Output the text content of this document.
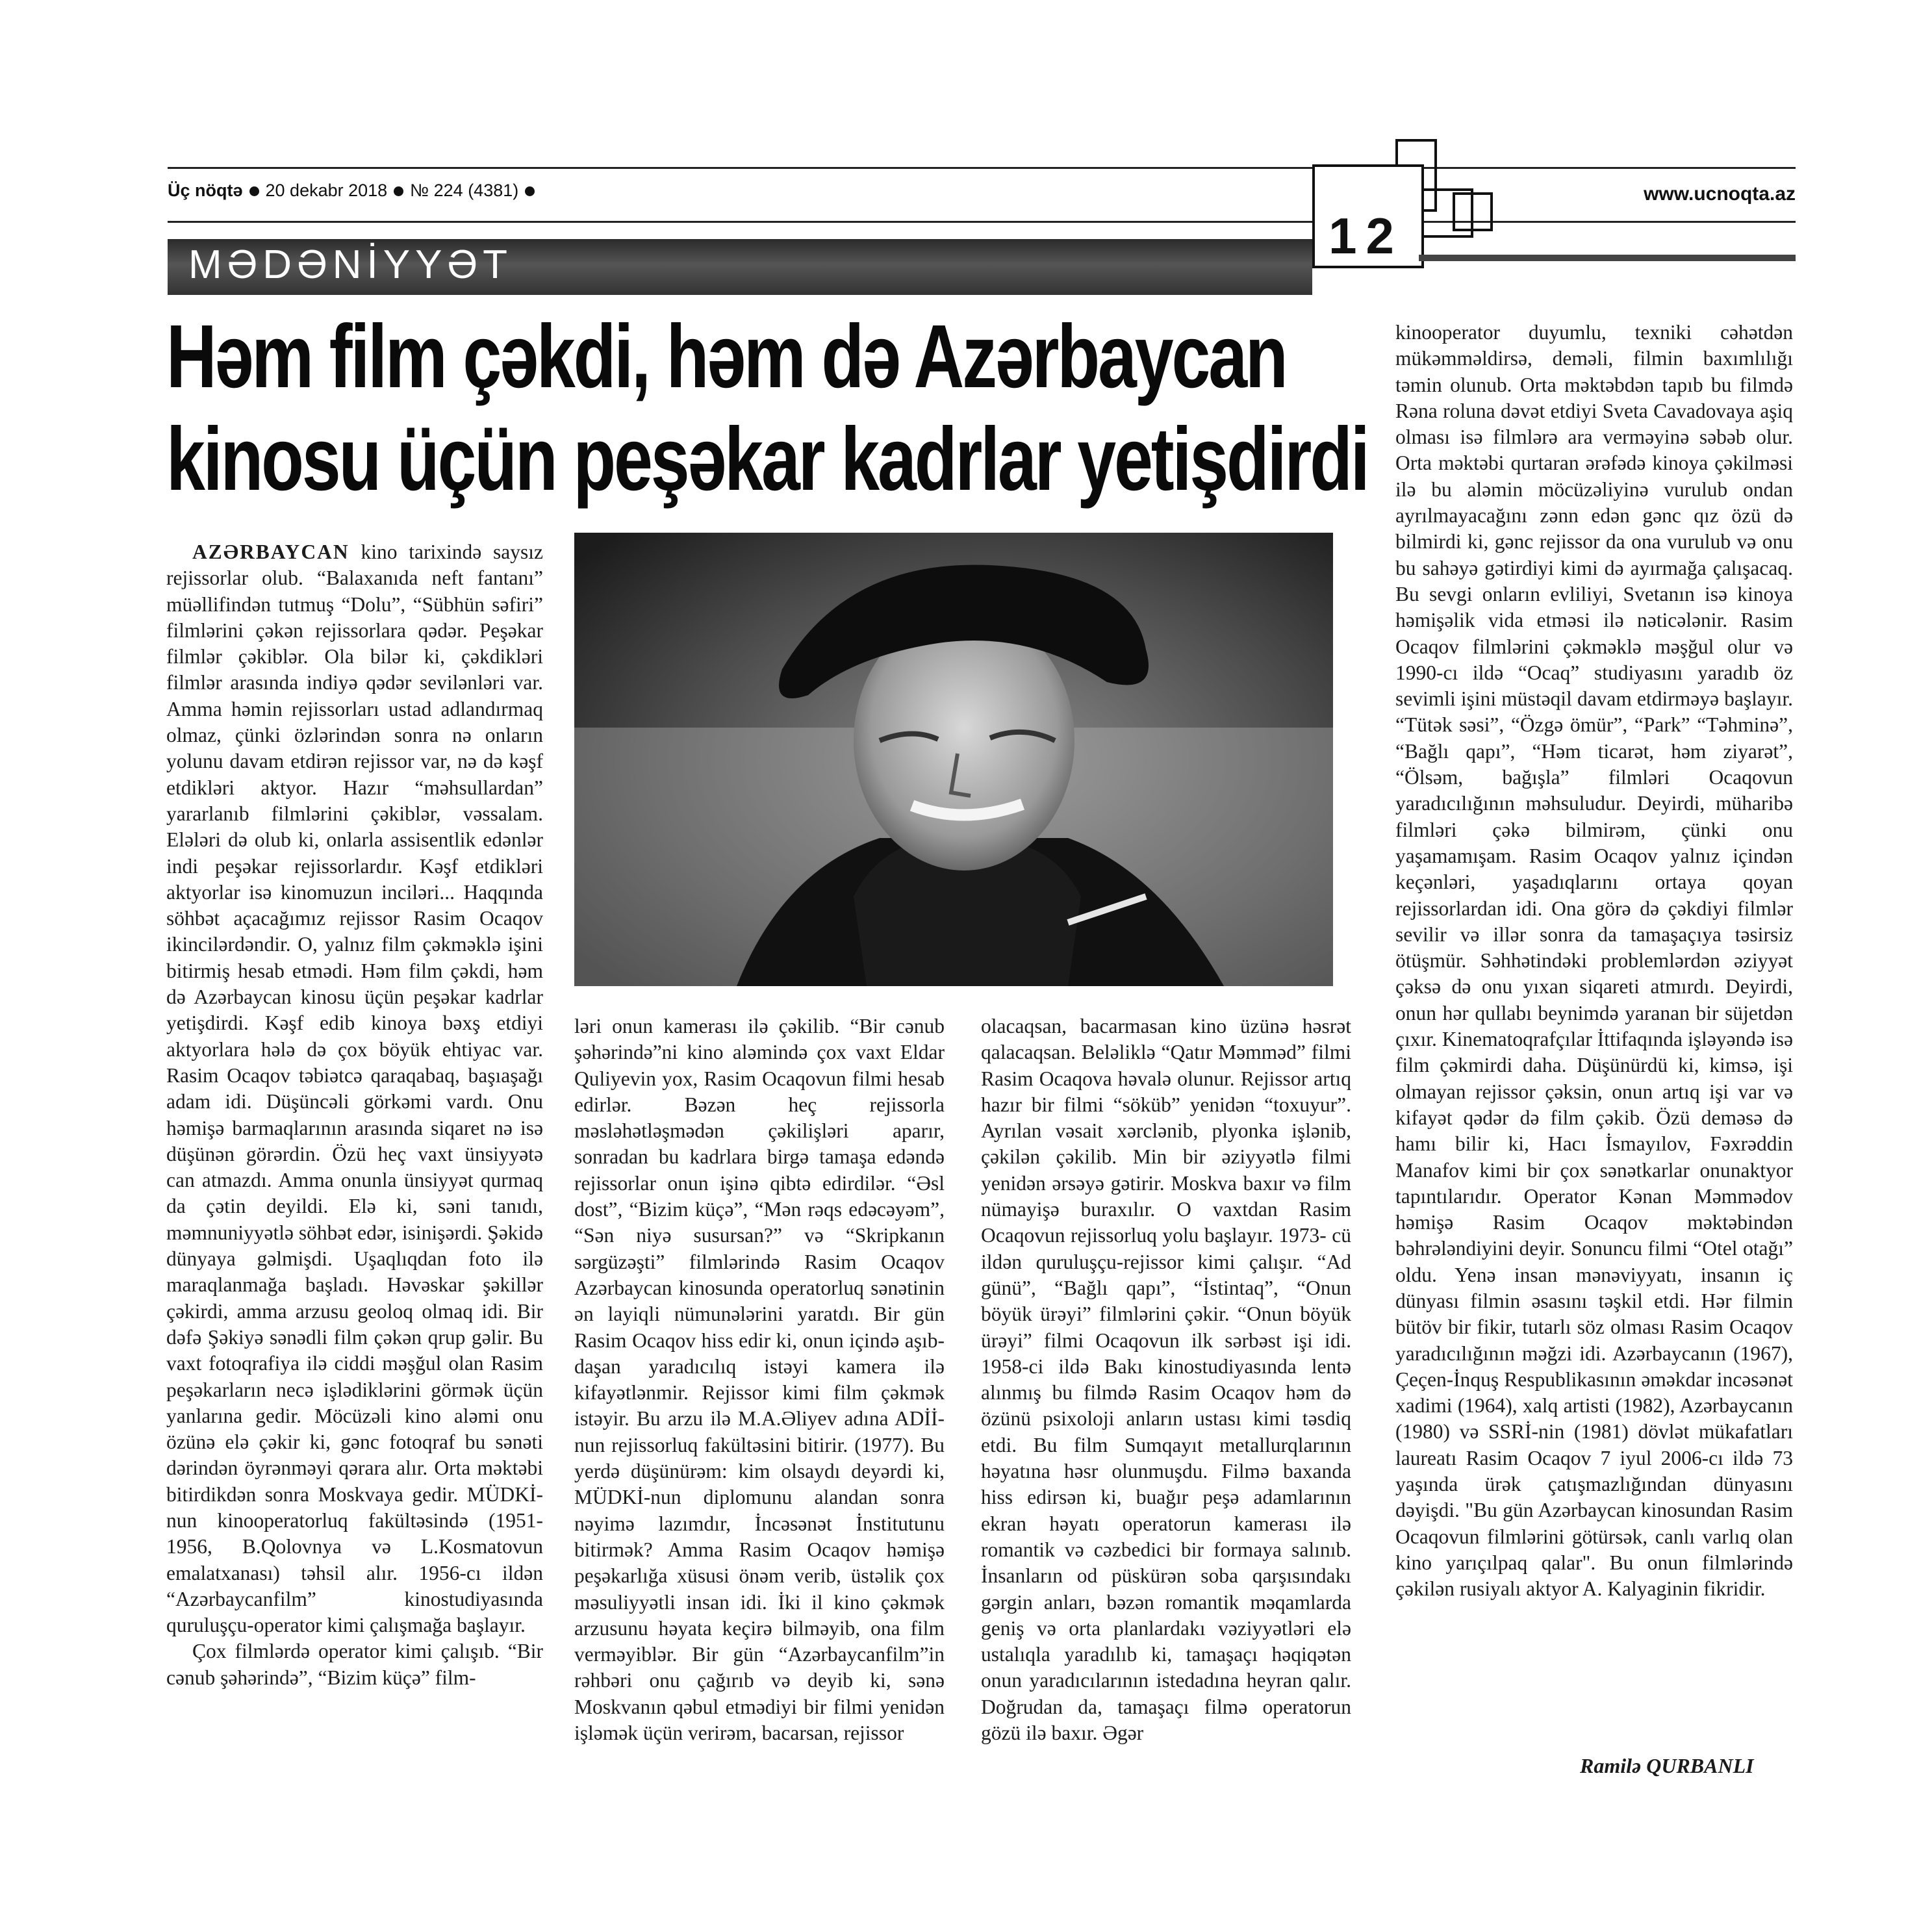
Üç nöqtə 20 dekabr 2018 № 224 (4381)	www.ucnoqta.az
12
MƏDƏNİYYƏT
Həm film çəkdi, həm də Azərbaycan
kinosu üçün peşəkar kadrlar yetişdirdi

AZƏRBAYCAN kino tarixində saysız rejissorlar olub. “Balaxanıda neft fantanı” müəllifindən tutmuş “Dolu”, “Sübhün səfiri” filmlərini çəkən rejissorlara qədər. Peşəkar filmlər çəkiblər. Ola bilər ki, çəkdikləri filmlər arasında indiyə qədər sevilənləri var. Amma həmin rejissorları ustad adlandırmaq olmaz, çünki özlərindən sonra nə onların yolunu davam etdirən rejissor var, nə də kəşf etdikləri aktyor. Hazır “məhsullardan” yararlanıb filmlərini çəkiblər, vəssalam. Elələri də olub ki, onlarla assisentlik edənlər indi peşəkar rejissorlardır. Kəşf etdikləri aktyorlar isə kinomuzun inciləri... Haqqında söhbət açacağımız rejissor Rasim Ocaqov ikincilərdəndir. O, yalnız film çəkməklə işini bitirmiş hesab etmədi. Həm film çəkdi, həm də Azərbaycan kinosu üçün peşəkar kadrlar yetişdirdi. Kəşf edib kinoya bəxş etdiyi aktyorlara hələ də çox böyük ehtiyac var. Rasim Ocaqov təbiətcə qaraqabaq, başıaşağı adam idi. Düşüncəli görkəmi vardı. Onu həmişə barmaqlarının arasında siqaret nə isə düşünən görərdin. Özü heç vaxt ünsiyyətə can atmazdı. Amma onunla ünsiyyət qurmaq da çətin deyildi. Elə ki, səni tanıdı, məmnuniyyətlə söhbət edər, isinişərdi. Şəkidə dünyaya gəlmişdi. Uşaqlıqdan foto ilə maraqlanmağa başladı. Həvəskar şəkillər çəkirdi, amma arzusu geoloq olmaq idi. Bir dəfə Şəkiyə sənədli film çəkən qrup gəlir. Bu vaxt fotoqrafiya ilə ciddi məşğul olan Rasim peşəkarların necə işlədiklərini görmək üçün yanlarına gedir. Möcüzəli kino aləmi onu özünə elə çəkir ki, gənc fotoqraf bu sənəti dərindən öyrənməyi qərara alır. Orta məktəbi bitirdikdən sonra Moskvaya gedir. MÜDKİ-nun kinooperatorluq fakültəsində (1951-1956, B.Qolovnya və L.Kosmatovun emalatxanası) təhsil alır. 1956-cı ildən “Azərbaycanfilm” kinostudiyasında quruluşçu-operator kimi çalışmağa başlayır.

Çox filmlərdə operator kimi çalışıb. “Bir cənub şəhərində”, “Bizim küçə” film-

ləri onun kamerası ilə çəkilib. “Bir cənub şəhərində”ni kino aləmində çox vaxt Eldar Quliyevin yox, Rasim Ocaqovun filmi hesab edirlər. Bəzən heç rejissorla məsləhətləşmədən çəkilişləri aparır, sonradan bu kadrlara birgə tamaşa edəndə rejissorlar onun işinə qibtə edirdilər. “Əsl dost”, “Bizim küçə”, “Mən rəqs edəcəyəm”, “Sən niyə susursan?” və “Skripkanın sərgüzəşti” filmlərində Rasim Ocaqov Azərbaycan kinosunda operatorluq sənətinin ən layiqli nümunələrini yaratdı. Bir gün Rasim Ocaqov hiss edir ki, onun içində aşıb-daşan yaradıcılıq istəyi kamera ilə kifayətlənmir. Rejissor kimi film çəkmək istəyir. Bu arzu ilə M.A.Əliyev adına ADİİ-nun rejissorluq fakültəsini bitirir. (1977). Bu yerdə düşünürəm: kim olsaydı deyərdi ki, MÜDKİ-nun diplomunu alandan sonra nəyimə lazımdır, İncəsənət İnstitutunu bitirmək? Amma Rasim Ocaqov həmişə peşəkarlığa xüsusi önəm verib, üstəlik çox məsuliyyətli insan idi. İki il kino çəkmək arzusunu həyata keçirə bilməyib, ona film verməyiblər. Bir gün “Azərbaycanfilm”in rəhbəri onu çağırıb və deyib ki, sənə Moskvanın qəbul etmədiyi bir filmi yenidən işləmək üçün verirəm, bacarsan, rejissor

olacaqsan, bacarmasan kino üzünə həsrət qalacaqsan. Beləliklə “Qatır Məmməd” filmi Rasim Ocaqova həvalə olunur. Rejissor artıq hazır bir filmi “söküb” yenidən “toxuyur”. Ayrılan vəsait xərclənib, plyonka işlənib, çəkilən çəkilib. Min bir əziyyətlə filmi yenidən ərsəyə gətirir. Moskva baxır və film nümayişə buraxılır. O vaxtdan Rasim Ocaqovun rejissorluq yolu başlayır. 1973- cü ildən quruluşçu-rejissor kimi çalışır. “Ad günü”, “Bağlı qapı”, “İstintaq”, “Onun böyük ürəyi” filmlərini çəkir. “Onun böyük ürəyi” filmi Ocaqovun ilk sərbəst işi idi. 1958-ci ildə Bakı kinostudiyasında lentə alınmış bu filmdə Rasim Ocaqov həm də özünü psixoloji anların ustası kimi təsdiq etdi. Bu film Sumqayıt metallurqlarının həyatına həsr olunmuşdu. Filmə baxanda hiss edirsən ki, buağır peşə adamlarının ekran həyatı operatorun kamerası ilə romantik və cəzbedici bir formaya salınıb. İnsanların od püskürən soba qarşısındakı gərgin anları, bəzən romantik məqamlarda geniş və orta planlardakı vəziyyətləri elə ustalıqla yaradılıb ki, tamaşaçı həqiqətən onun yaradıcılarının istedadına heyran qalır. Doğrudan da, tamaşaçı filmə operatorun gözü ilə baxır. Əgər

kinooperator duyumlu, texniki cəhətdən mükəmməldirsə, deməli, filmin baxımlılığı təmin olunub. Orta məktəbdən tapıb bu filmdə Rəna roluna dəvət etdiyi Sveta Cavadovaya aşiq olması isə filmlərə ara verməyinə səbəb olur. Orta məktəbi qurtaran ərəfədə kinoya çəkilməsi ilə bu aləmin möcüzəliyinə vurulub ondan ayrılmayacağını zənn edən gənc qız özü də bilmirdi ki, gənc rejissor da ona vurulub və onu bu sahəyə gətirdiyi kimi də ayırmağa çalışacaq. Bu sevgi onların evliliyi, Svetanın isə kinoya həmişəlik vida etməsi ilə nəticələnir. Rasim Ocaqov filmlərini çəkməklə məşğul olur və 1990-cı ildə “Ocaq” studiyasını yaradıb öz sevimli işini müstəqil davam etdirməyə başlayır. “Tütək səsi”, “Özgə ömür”, “Park” “Təhminə”, “Bağlı qapı”, “Həm ticarət, həm ziyarət”, “Ölsəm, bağışla” filmləri Ocaqovun yaradıcılığının məhsuludur. Deyirdi, müharibə filmləri çəkə bilmirəm, çünki onu yaşamamışam. Rasim Ocaqov yalnız içindən keçənləri, yaşadıqlarını ortaya qoyan rejissorlardan idi. Ona görə də çəkdiyi filmlər sevilir və illər sonra da tamaşaçıya təsirsiz ötüşmür. Səhhətindəki problemlərdən əziyyət çəksə də onu yıxan siqareti atmırdı. Deyirdi, onun hər qullabı beynimdə yaranan bir süjetdən çıxır. Kinematoqrafçılar İttifaqında işləyəndə isə film çəkmirdi daha. Düşünürdü ki, kimsə, işi olmayan rejissor çəksin, onun artıq işi var və kifayət qədər də film çəkib. Özü deməsə də hamı bilir ki, Hacı İsmayılov, Fəxrəddin Manafov kimi bir çox sənətkarlar onunaktyor tapıntılarıdır. Operator Kənan Məmmədov həmişə Rasim Ocaqov məktəbindən bəhrələndiyini deyir. Sonuncu filmi “Otel otağı” oldu. Yenə insan mənəviyyatı, insanın iç dünyası filmin əsasını təşkil etdi. Hər filmin bütöv bir fikir, tutarlı söz olması Rasim Ocaqov yaradıcılığının məğzi idi. Azərbaycanın (1967), Çeçen-İnquş Respublikasının əməkdar incəsənət xadimi (1964), xalq artisti (1982), Azərbaycanın (1980) və SSRİ-nin (1981) dövlət mükafatları laureatı Rasim Ocaqov 7 iyul 2006-cı ildə 73 yaşında ürək çatışmazlığından dünyasını dəyişdi. "Bu gün Azərbaycan kinosundan Rasim Ocaqovun filmlərini götürsək, canlı varlıq olan kino yarıçılpaq qalar". Bu onun filmlərində çəkilən rusiyalı aktyor A. Kalyaginin fikridir.

Ramilə QURBANLI
